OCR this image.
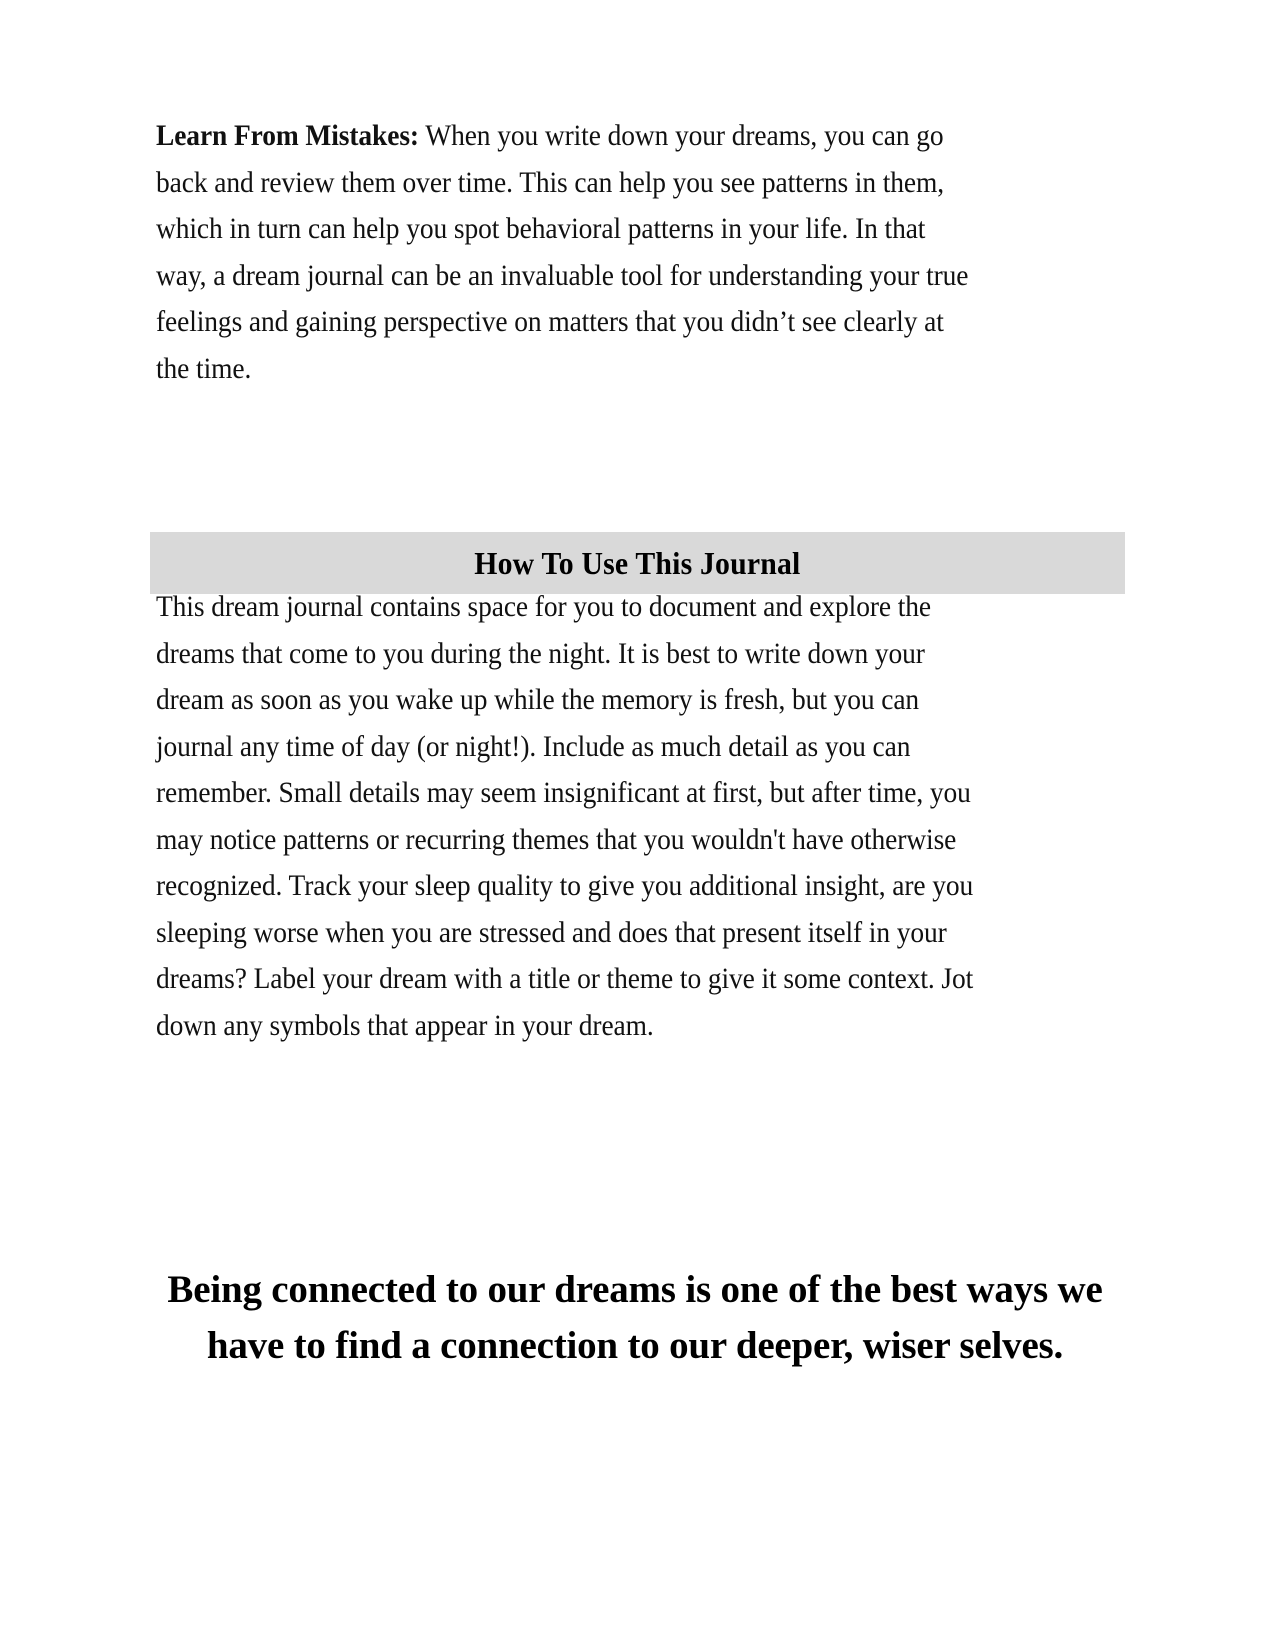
Learn From Mistakes: When you write down your dreams, you can go back and review them over time. This can help you see patterns in them, which in turn can help you spot behavioral patterns in your life. In that way, a dream journal can be an invaluable tool for understanding your true feelings and gaining perspective on matters that you didn’t see clearly at the time.

How To Use This Journal

This dream journal contains space for you to document and explore the dreams that come to you during the night. It is best to write down your dream as soon as you wake up while the memory is fresh, but you can journal any time of day (or night!). Include as much detail as you can remember. Small details may seem insignificant at first, but after time, you may notice patterns or recurring themes that you wouldn't have otherwise recognized. Track your sleep quality to give you additional insight, are you sleeping worse when you are stressed and does that present itself in your dreams? Label your dream with a title or theme to give it some context. Jot down any symbols that appear in your dream.

Being connected to our dreams is one of the best ways we have to find a connection to our deeper, wiser selves.
